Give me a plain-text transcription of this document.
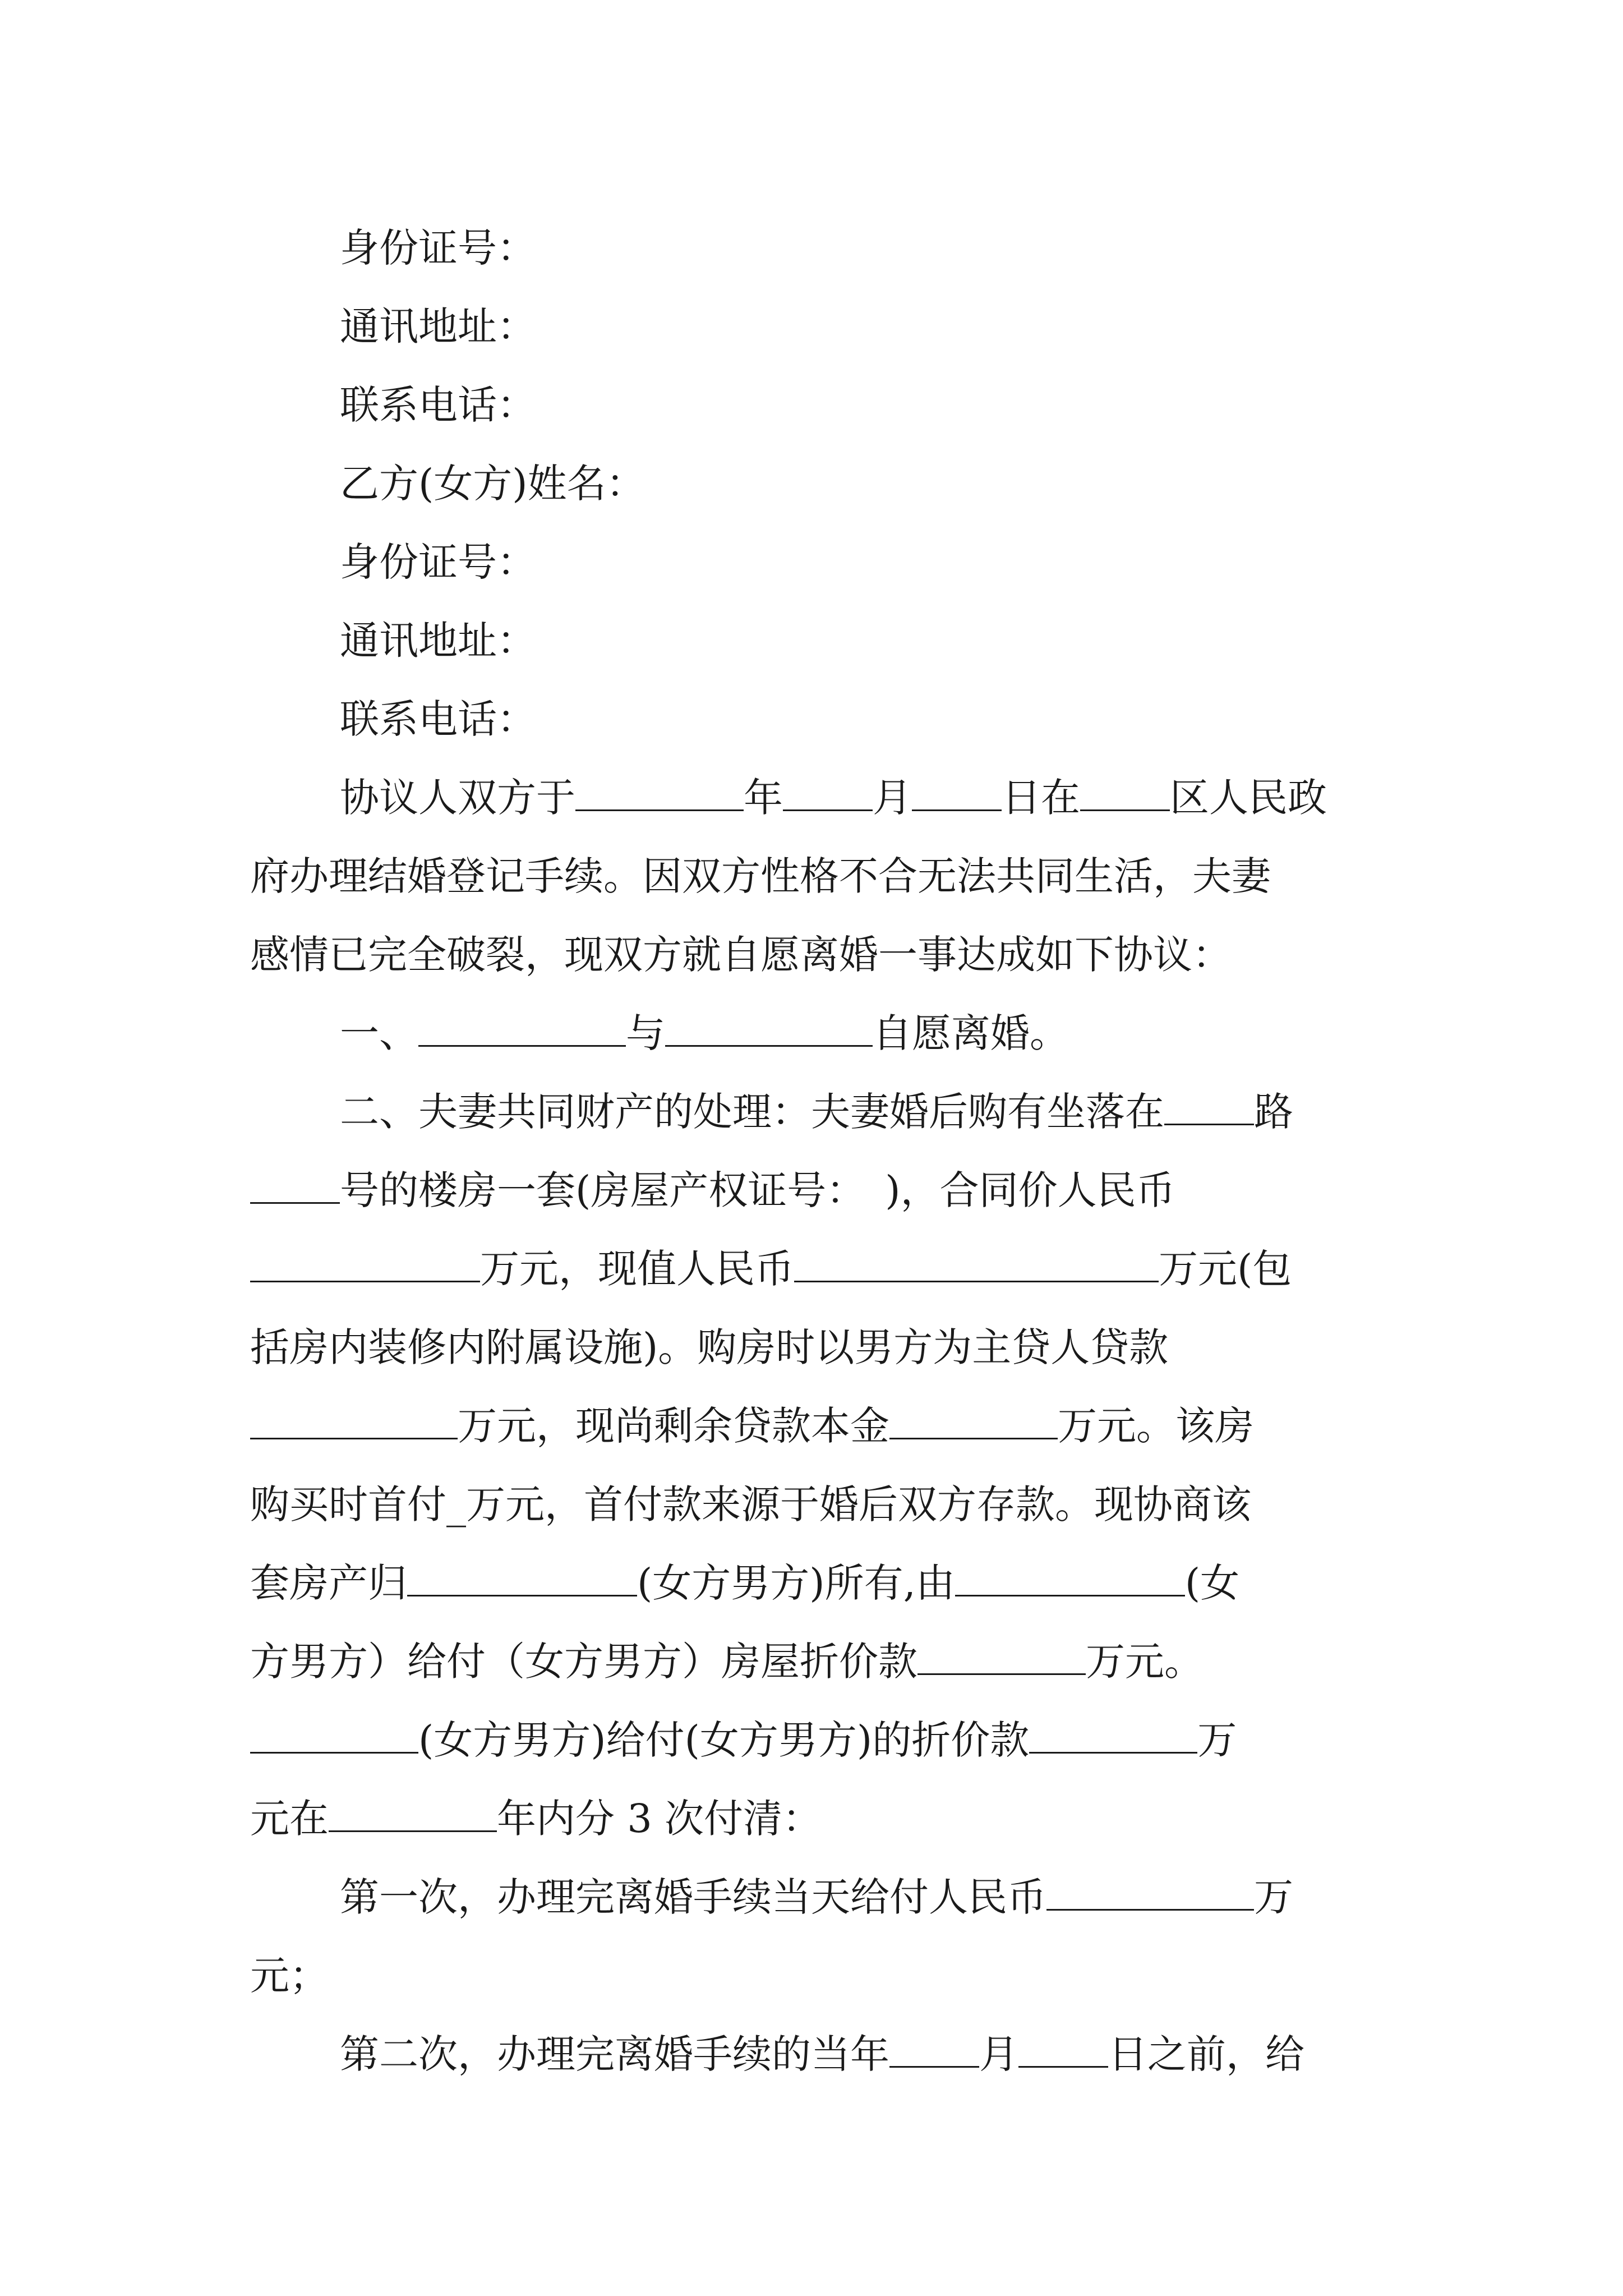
身份证号：
通讯地址：
联系电话：
乙方(女方)姓名：
身份证号：
通讯地址：
联系电话：
协议人双方于	年 月 日在 区人民政
府办理结婚登记手续。因双方性格不合无法共同生活，夫妻
感情已完全破裂，现双方就自愿离婚一事达成如下协议：
一、	与	自愿离婚。
二、夫妻共同财产的处理：夫妻婚后购有坐落在 路
号的楼房一套(房屋产权证号：　)，合同价人民币
万元，现值人民币	万元(包
括房内装修内附属设施)。购房时以男方为主贷人贷款
万元，现尚剩余贷款本金	万元。该房
购买时首付_万元，首付款来源于婚后双方存款。现协商该
套房产归	(女方男方)所有,由	(女
方男方）给付（女方男方）房屋折价款	万元。
(女方男方)给付(女方男方)的折价款	万
元在	年内分 3 次付清：
第一次，办理完离婚手续当天给付人民币	万
元；
第二次，办理完离婚手续的当年 月 日之前，给
